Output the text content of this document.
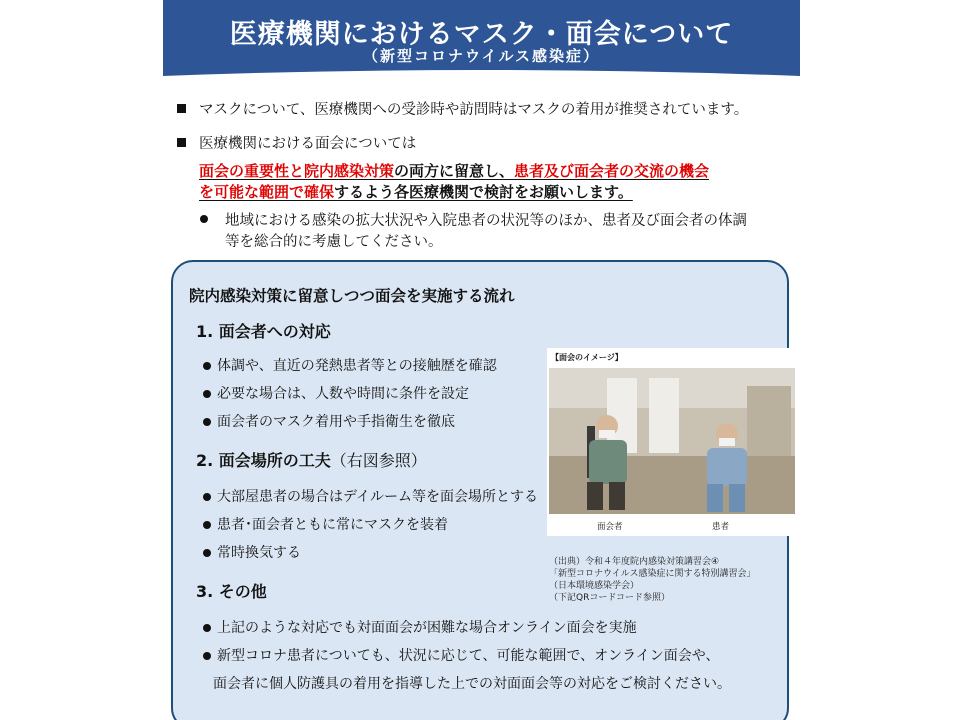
医療機関におけるマスク・面会について
（新型コロナウイルス感染症）
マスクについて、医療機関への受診時や訪問時はマスクの着用が推奨されています。
医療機関における面会については
面会の重要性と院内感染対策の両方に留意し、患者及び面会者の交流の機会
を可能な範囲で確保するよう各医療機関で検討をお願いします。
地域における感染の拡大状況や入院患者の状況等のほか、患者及び面会者の体調
等を総合的に考慮してください。
院内感染対策に留意しつつ面会を実施する流れ
1. 面会者への対応
体調や、直近の発熱患者等との接触歴を確認
必要な場合は、人数や時間に条件を設定
面会者のマスク着用や手指衛生を徹底
2. 面会場所の工夫（右図参照）
大部屋患者の場合はデイルーム等を面会場所とする
患者･面会者ともに常にマスクを装着
常時換気する
3. その他
上記のような対応でも対面面会が困難な場合オンライン面会を実施
新型コロナ患者についても、状況に応じて、可能な範囲で、オンライン面会や、
面会者に個人防護具の着用を指導した上での対面面会等の対応をご検討ください。
【面会のイメージ】
面会者	患者
（出典）令和４年度院内感染対策講習会④
「新型コロナウイルス感染症に関する特別講習会」
（日本環境感染学会）
（下記QRコードコード参照）
